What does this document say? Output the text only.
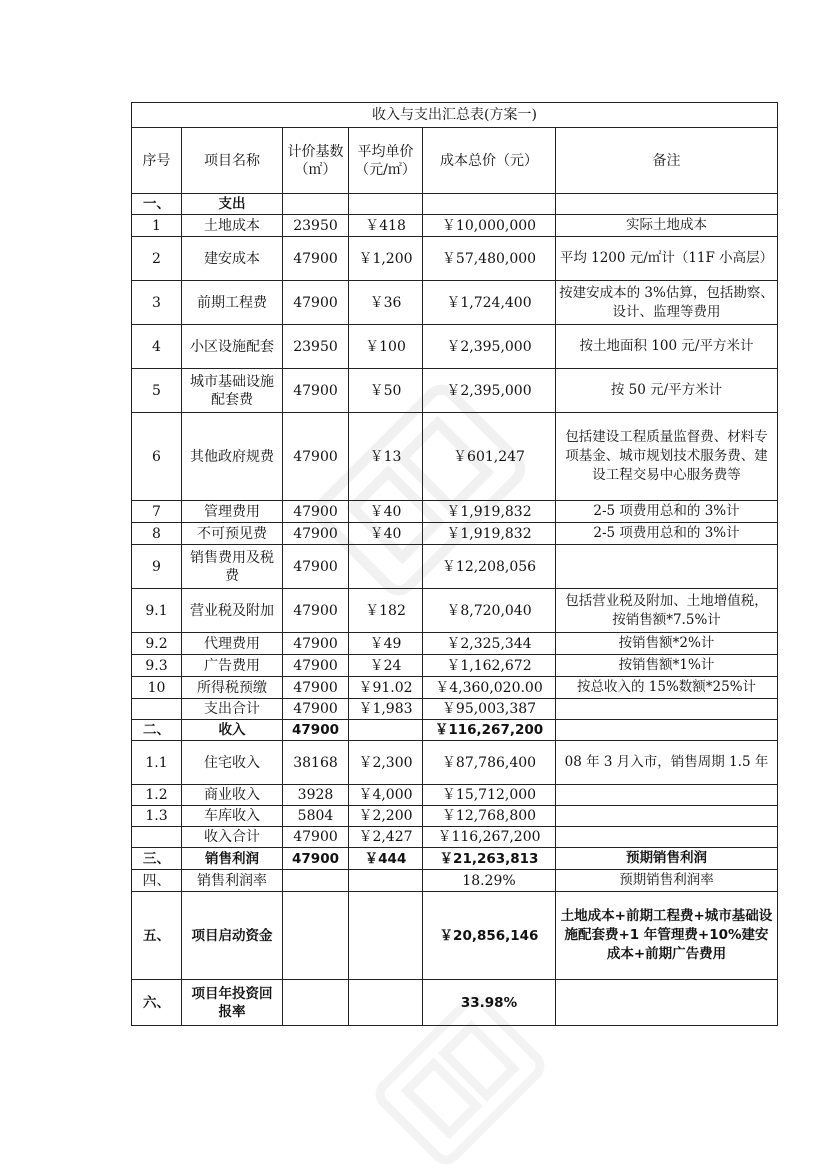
收入与支出汇总表(方案一)					
序号	项目名称	计价基数（㎡）	平均单价（元/㎡）	成本总价（元）	备注
一、	支出				
1	土地成本	23950	￥418	￥10,000,000	实际土地成本
2	建安成本	47900	￥1,200	￥57,480,000	平均 1200 元/㎡计（11F 小高层）
3	前期工程费	47900	￥36	￥1,724,400	按建安成本的 3%估算，包括勘察、设计、监理等费用
4	小区设施配套	23950	￥100	￥2,395,000	按土地面积 100 元/平方米计
5	城市基础设施配套费	47900	￥50	￥2,395,000	按 50 元/平方米计
6	其他政府规费	47900	￥13	￥601,247	包括建设工程质量监督费、材料专项基金、城市规划技术服务费、建设工程交易中心服务费等
7	管理费用	47900	￥40	￥1,919,832	2-5 项费用总和的 3%计
8	不可预见费	47900	￥40	￥1,919,832	2-5 项费用总和的 3%计
9	销售费用及税费	47900		￥12,208,056	
9.1	营业税及附加	47900	￥182	￥8,720,040	包括营业税及附加、土地增值税，按销售额*7.5%计
9.2	代理费用	47900	￥49	￥2,325,344	按销售额*2%计
9.3	广告费用	47900	￥24	￥1,162,672	按销售额*1%计
10	所得税预缴	47900	￥91.02	￥4,360,020.00	按总收入的 15%数额*25%计
	支出合计	47900	￥1,983	￥95,003,387	
二、	收入	47900		￥116,267,200	
1.1	住宅收入	38168	￥2,300	￥87,786,400	08 年 3 月入市，销售周期 1.5 年
1.2	商业收入	3928	￥4,000	￥15,712,000	
1.3	车库收入	5804	￥2,200	￥12,768,800	
	收入合计	47900	￥2,427	￥116,267,200	
三、	销售利润	47900	￥444	￥21,263,813	预期销售利润
四、	销售利润率			18.29%	预期销售利润率
五、	项目启动资金			￥20,856,146	土地成本+前期工程费+城市基础设施配套费+1 年管理费+10%建安成本+前期广告费用
六、	项目年投资回报率			33.98%	
